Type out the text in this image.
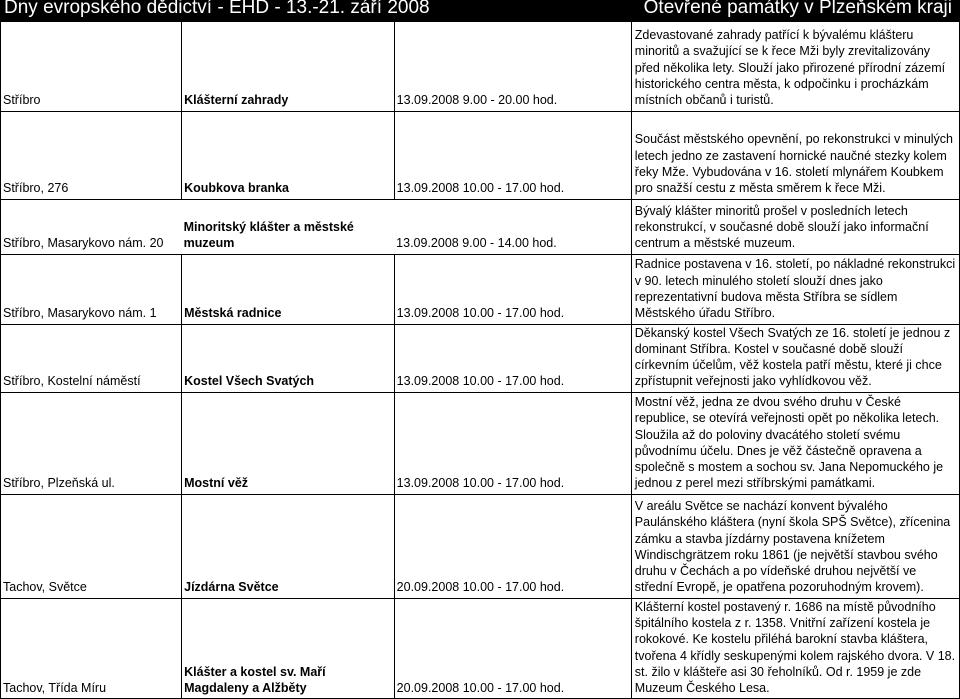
Dny evropského dědictví - EHD - 13.-21. září 2008	Otevřené památky v Plzeňském kraji
Stříbro	Klášterní zahrady	13.09.2008 9.00 - 20.00 hod.	Zdevastované zahrady patřící k bývalému klášteru minoritů a svažující se k řece Mži byly zrevitalizovány před několika lety. Slouží jako přirozené přírodní zázemí historického centra města, k odpočinku i procházkám místních občanů i turistů.
Stříbro, 276	Koubkova branka	13.09.2008 10.00 - 17.00 hod.	Součást městského opevnění, po rekonstrukci v minulých letech jedno ze zastavení hornické naučné stezky kolem řeky Mže. Vybudována v 16. století mlynářem Koubkem pro snažší cestu z města směrem k řece Mži.
Stříbro, Masarykovo nám. 20	Minoritský klášter a městské muzeum	13.09.2008 9.00 - 14.00 hod.	Bývalý klášter minoritů prošel v posledních letech rekonstrukcí, v současné době slouží jako informační centrum a městské muzeum.
Stříbro, Masarykovo nám. 1	Městská radnice	13.09.2008 10.00 - 17.00 hod.	Radnice postavena v 16. století, po nákladné rekonstrukci v 90. letech minulého století slouží dnes jako reprezentativní budova města Stříbra se sídlem Městského úřadu Stříbro.
Stříbro, Kostelní náměstí	Kostel Všech Svatých	13.09.2008 10.00 - 17.00 hod.	Děkanský kostel Všech Svatých ze 16. století je jednou z dominant Stříbra. Kostel v současné době slouží církevním účelům, věž kostela patří městu, které ji chce zpřístupnit veřejnosti jako vyhlídkovou věž.
Stříbro, Plzeňská ul.	Mostní věž	13.09.2008 10.00 - 17.00 hod.	Mostní věž, jedna ze dvou svého druhu v České republice, se otevírá veřejnosti opět po několika letech. Sloužila až do poloviny dvacátého století svému původnímu účelu. Dnes je věž částečně opravena a společně s mostem a sochou sv. Jana Nepomuckého je jednou z perel mezi stříbrskými památkami.
Tachov, Světce	Jízdárna Světce	20.09.2008 10.00 - 17.00 hod.	V areálu Světce se nachází konvent bývalého Paulánského kláštera (nyní škola SPŠ Světce), zřícenina zámku a stavba jízdárny postavena knížetem Windischgrätzem roku 1861 (je největší stavbou svého druhu v Čechách a po vídeňské druhou největší ve střední Evropě, je opatřena pozoruhodným krovem).
Tachov, Třída Míru	Klášter a kostel sv. Maří Magdaleny a Alžběty	20.09.2008 10.00 - 17.00 hod.	Klášterní kostel postavený r. 1686 na místě původního špitálního kostela z r. 1358. Vnitřní zařízení kostela je rokokové. Ke kostelu přiléhá barokní stavba kláštera, tvořena 4 křídly seskupenými kolem rajského dvora. V 18. st. žilo v klášteře asi 30 řeholníků. Od r. 1959 je zde Muzeum Českého Lesa.
